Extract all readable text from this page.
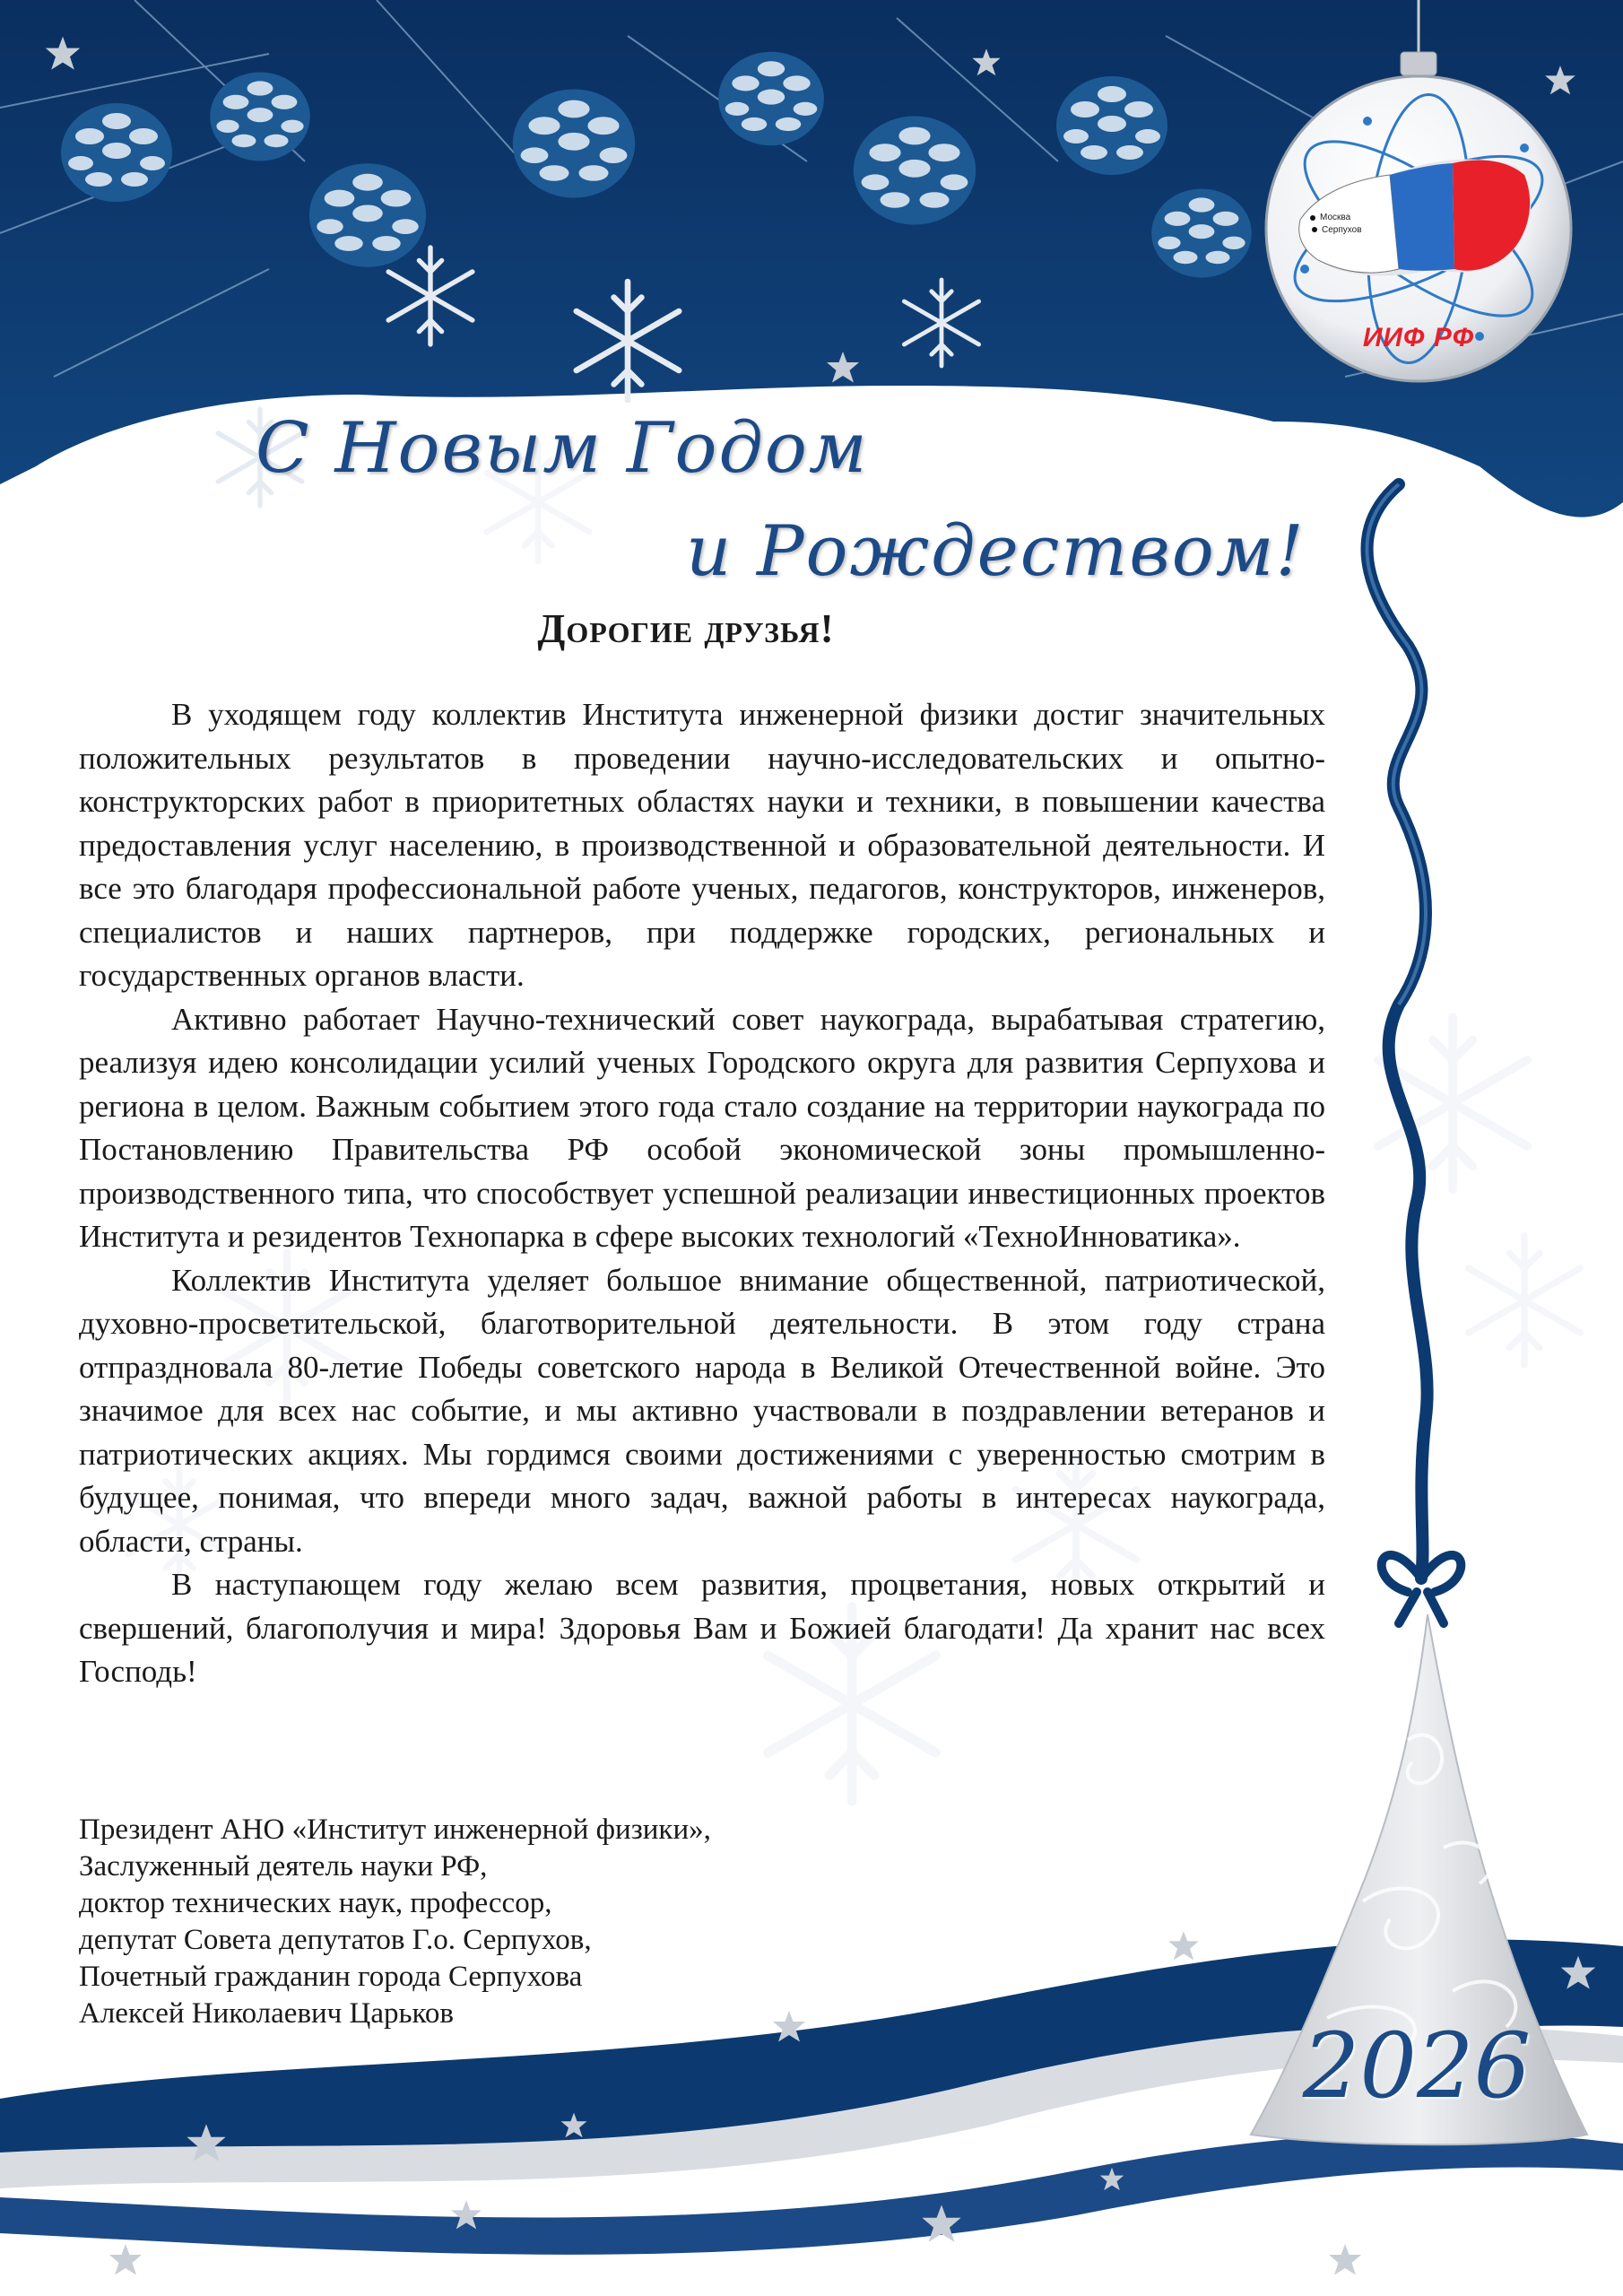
Москва
Серпухов
ИИФ РФ
С Новым Годом
и Рождеством!
Дорогие друзья!

В уходящем году коллектив Института инженерной физики достиг значительных положительных результатов в проведении научно-исследовательских и опытно-конструкторских работ в приоритетных областях науки и техники, в повышении качества предоставления услуг населению, в производственной и образовательной деятельности. И все это благодаря профессиональной работе ученых, педагогов, конструкторов, инженеров, специалистов и наших партнеров, при поддержке городских, региональных и государственных органов власти.

Активно работает Научно-технический совет наукограда, вырабатывая стратегию, реализуя идею консолидации усилий ученых Городского округа для развития Серпухова и региона в целом. Важным событием этого года стало создание на территории наукограда по Постановлению Правительства РФ особой экономической зоны промышленно-производственного типа, что способствует успешной реализации инвестиционных проектов Института и резидентов Технопарка в сфере высоких технологий «ТехноИнноватика».

Коллектив Института уделяет большое внимание общественной, патриотической, духовно-просветительской, благотворительной деятельности. В этом году страна отпраздновала 80-летие Победы советского народа в Великой Отечественной войне. Это значимое для всех нас событие, и мы активно участвовали в поздравлении ветеранов и патриотических акциях. Мы гордимся своими достижениями с уверенностью смотрим в будущее, понимая, что впереди много задач, важной работы в интересах наукограда, области, страны.

В наступающем году желаю всем развития, процветания, новых открытий и свершений, благополучия и мира! Здоровья Вам и Божией благодати! Да хранит нас всех Господь!

Президент АНО «Институт инженерной физики»,
Заслуженный деятель науки РФ,
доктор технических наук, профессор,
депутат Совета депутатов Г.о. Серпухов,
Почетный гражданин города Серпухова
Алексей Николаевич Царьков	2026
